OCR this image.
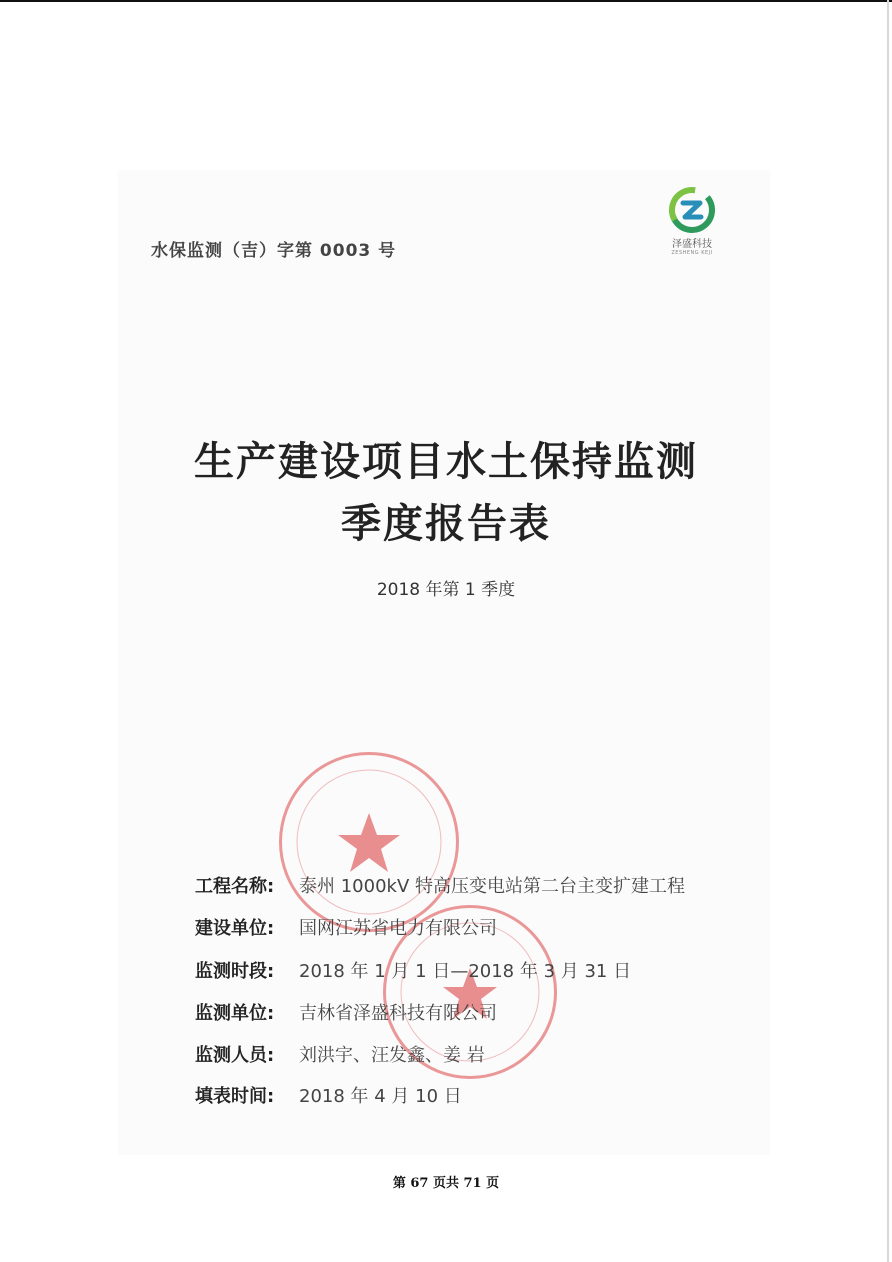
水保监测（吉）字第 0003 号	泽盛科技
ZESHENG KEJI
生产建设项目水土保持监测
季度报告表
2018 年第 1 季度
工程名称: 泰州 1000kV 特高压变电站第二台主变扩建工程
建设单位: 国网江苏省电力有限公司
监测时段: 2018 年 1 月 1 日—2018 年 3 月 31 日
监测单位: 吉林省泽盛科技有限公司
监测人员: 刘洪宇、汪发鑫、姜 岩
填表时间: 2018 年 4 月 10 日
第 67 页共 71 页
